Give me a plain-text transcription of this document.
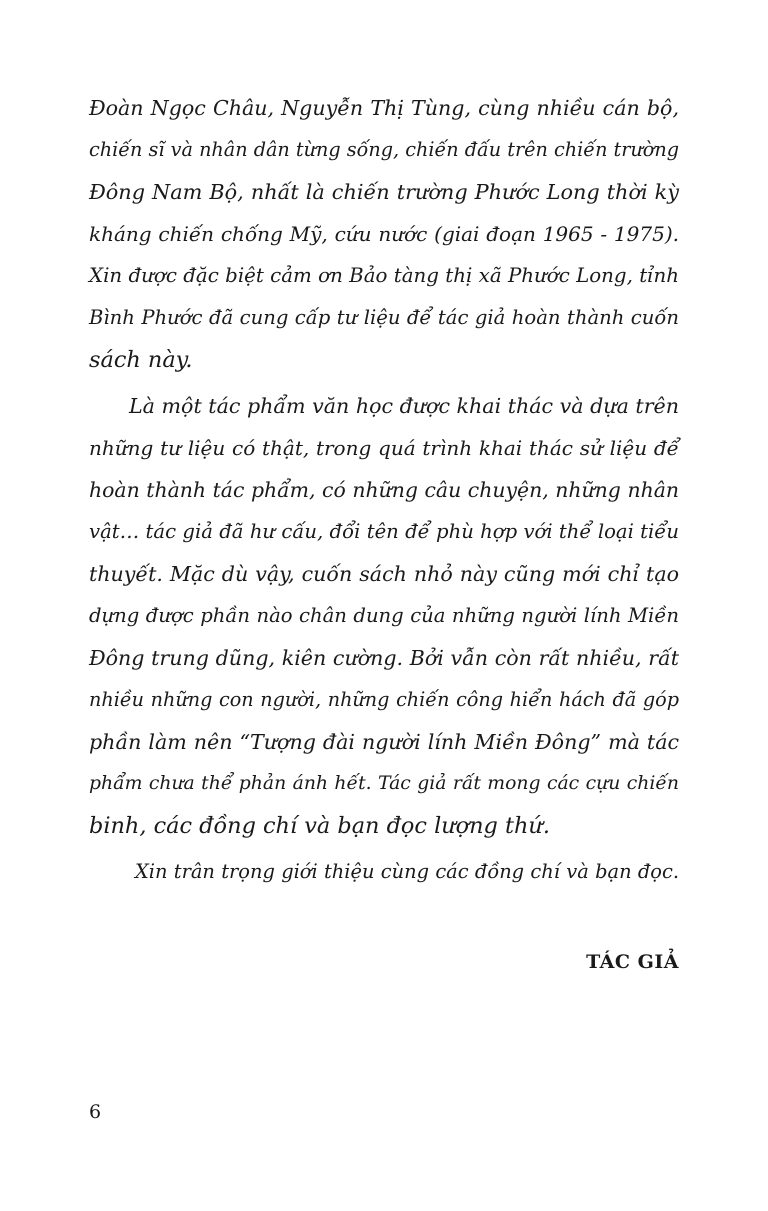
Đoàn Ngọc Châu, Nguyễn Thị Tùng, cùng nhiều cán bộ,
chiến sĩ và nhân dân từng sống, chiến đấu trên chiến trường
Đông Nam Bộ, nhất là chiến trường Phước Long thời kỳ
kháng chiến chống Mỹ, cứu nước (giai đoạn 1965 - 1975).
Xin được đặc biệt cảm ơn Bảo tàng thị xã Phước Long, tỉnh
Bình Phước đã cung cấp tư liệu để tác giả hoàn thành cuốn
sách này.
Là một tác phẩm văn học được khai thác và dựa trên
những tư liệu có thật, trong quá trình khai thác sử liệu để
hoàn thành tác phẩm, có những câu chuyện, những nhân
vật… tác giả đã hư cấu, đổi tên để phù hợp với thể loại tiểu
thuyết. Mặc dù vậy, cuốn sách nhỏ này cũng mới chỉ tạo
dựng được phần nào chân dung của những người lính Miền
Đông trung dũng, kiên cường. Bởi vẫn còn rất nhiều, rất
nhiều những con người, những chiến công hiển hách đã góp
phần làm nên “Tượng đài người lính Miền Đông” mà tác
phẩm chưa thể phản ánh hết. Tác giả rất mong các cựu chiến
binh, các đồng chí và bạn đọc lượng thứ.
Xin trân trọng giới thiệu cùng các đồng chí và bạn đọc.
TÁC GIẢ
6
